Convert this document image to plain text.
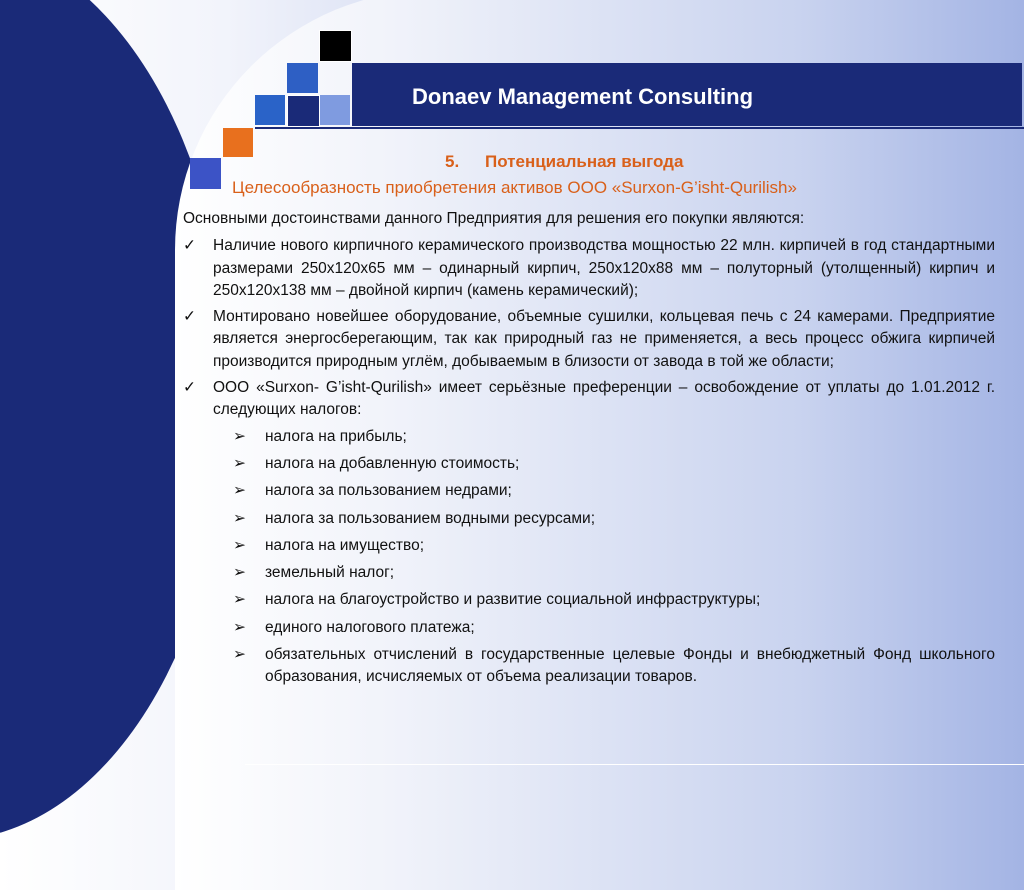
Donaev Management Consulting
5. Потенциальная выгода
Целесообразность приобретения активов ООО «Surxon-G’isht-Qurilish»
Основными достоинствами данного Предприятия для решения его покупки являются:
✓	Наличие нового кирпичного керамического производства мощностью 22 млн. кирпичей в год стандартными размерами 250x120x65 мм – одинарный кирпич, 250x120x88 мм – полуторный (утолщенный) кирпич и 250x120x138 мм – двойной кирпич (камень керамический);
✓	Монтировано новейшее оборудование, объемные сушилки, кольцевая печь с 24 камерами. Предприятие является энергосберегающим, так как природный газ не применяется, а весь процесс обжига кирпичей производится природным углём, добываемым в близости от завода в той же области;
✓	ООО «Surxon- G’isht-Qurilish» имеет серьёзные преференции – освобождение от уплаты до 1.01.2012 г. следующих налогов:
➢	налога на прибыль;
➢	налога на добавленную стоимость;
➢	налога за пользованием недрами;
➢	налога за пользованием водными ресурсами;
➢	налога на имущество;
➢	земельный налог;
➢	налога на благоустройство и развитие социальной инфраструктуры;
➢	единого налогового платежа;
➢	обязательных отчислений в государственные целевые Фонды и внебюджетный Фонд школьного образования, исчисляемых от объема реализации товаров.
